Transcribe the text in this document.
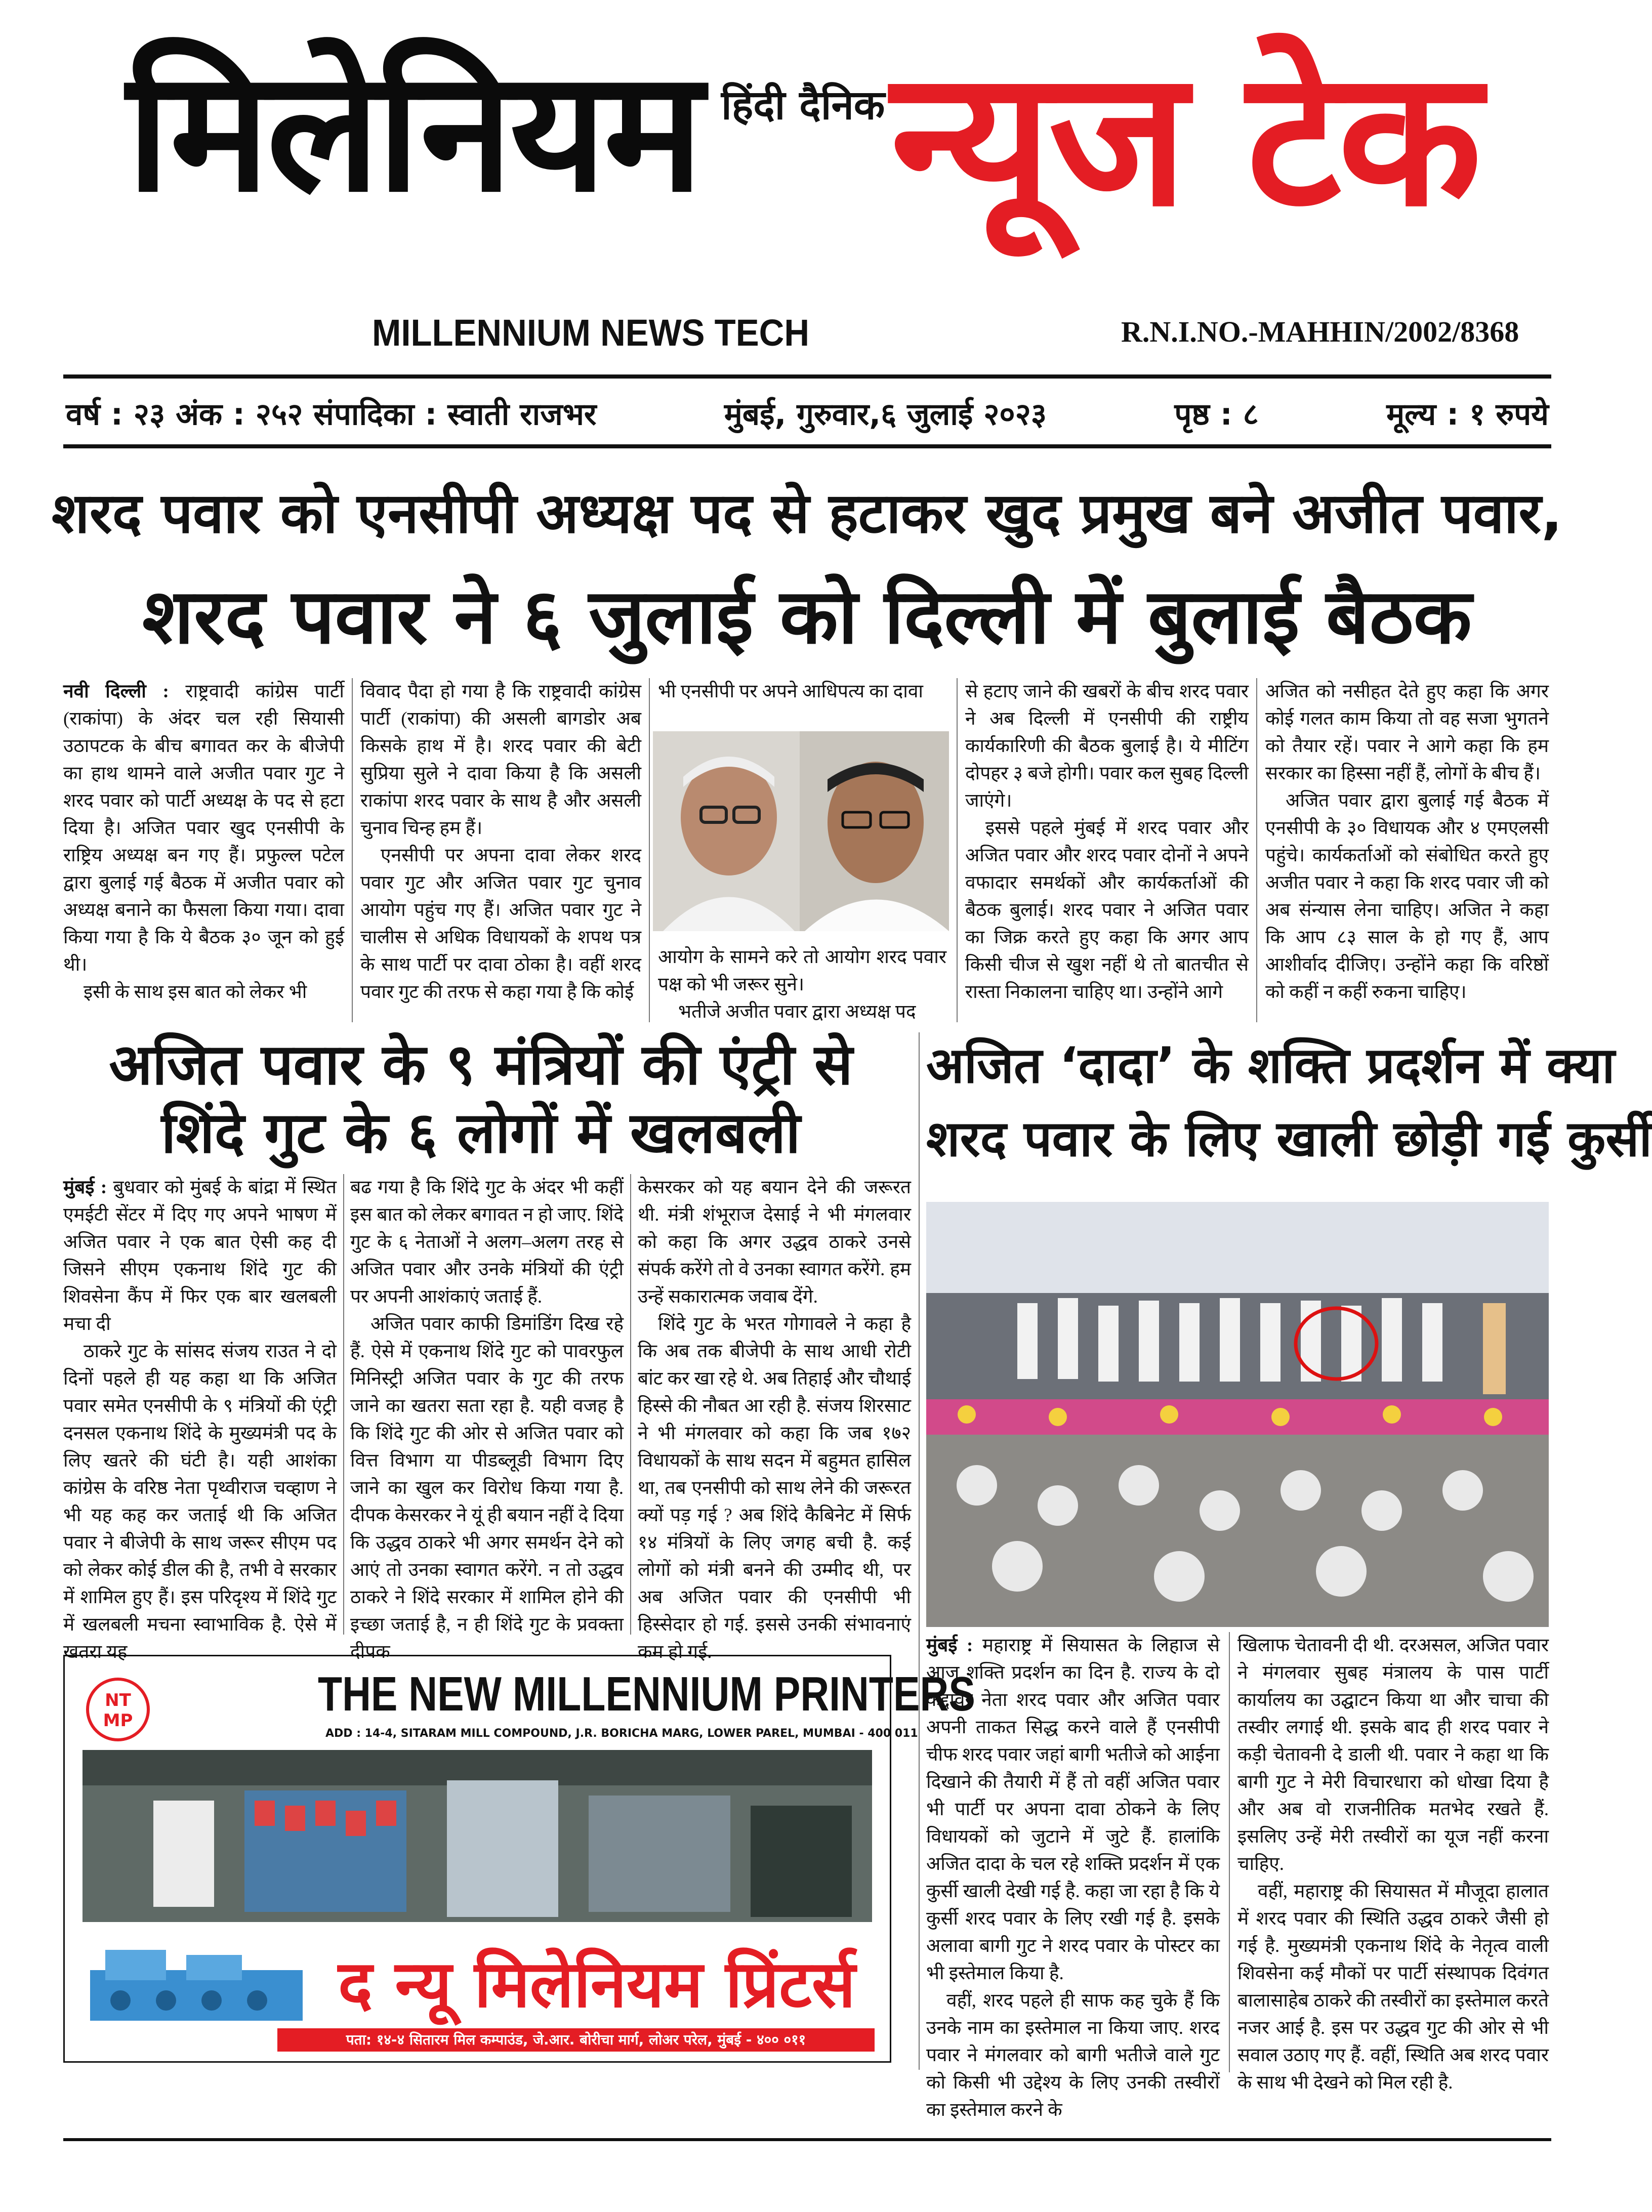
हिंदी दैनिक
मिलेनियम न्यूज टेक
MILLENNIUM NEWS TECH	R.N.I.NO.-MAHHIN/2002/8368
वर्ष : २३ अंक : २५२ संपादिका : स्वाती राजभर	मुंबई, गुरुवार,६ जुलाई २०२३	पृष्ठ : ८	मूल्य : १ रुपये
शरद पवार को एनसीपी अध्यक्ष पद से हटाकर खुद प्रमुख बने अजीत पवार,
शरद पवार ने ६ जुलाई को दिल्ली में बुलाई बैठक

नवी दिल्ली : राष्ट्रवादी कांग्रेस पार्टी (राकांपा) के अंदर चल रही सियासी उठापटक के बीच बगावत कर के बीजेपी का हाथ थामने वाले अजीत पवार गुट ने शरद पवार को पार्टी अध्यक्ष के पद से हटा दिया है। अजित पवार खुद एनसीपी के राष्ट्रिय अध्यक्ष बन गए हैं। प्रफुल्ल पटेल द्वारा बुलाई गई बैठक में अजीत पवार को अध्यक्ष बनाने का फैसला किया गया। दावा किया गया है कि ये बैठक ३० जून को हुई थी।

इसी के साथ इस बात को लेकर भी

विवाद पैदा हो गया है कि राष्ट्रवादी कांग्रेस पार्टी (राकांपा) की असली बागडोर अब किसके हाथ में है। शरद पवार की बेटी सुप्रिया सुले ने दावा किया है कि असली राकांपा शरद पवार के साथ है और असली चुनाव चिन्ह हम हैं।

एनसीपी पर अपना दावा लेकर शरद पवार गुट और अजित पवार गुट चुनाव आयोग पहुंच गए हैं। अजित पवार गुट ने चालीस से अधिक विधायकों के शपथ पत्र के साथ पार्टी पर दावा ठोका है। वहीं शरद पवार गुट की तरफ से कहा गया है कि कोई

भी एनसीपी पर अपने आधिपत्य का दावा

आयोग के सामने करे तो आयोग शरद पवार पक्ष को भी जरूर सुने।

भतीजे अजीत पवार द्वारा अध्यक्ष पद

से हटाए जाने की खबरों के बीच शरद पवार ने अब दिल्ली में एनसीपी की राष्ट्रीय कार्यकारिणी की बैठक बुलाई है। ये मीटिंग दोपहर ३ बजे होगी। पवार कल सुबह दिल्ली जाएंगे।

इससे पहले मुंबई में शरद पवार और अजित पवार और शरद पवार दोनों ने अपने वफादार समर्थकों और कार्यकर्ताओं की बैठक बुलाई। शरद पवार ने अजित पवार का जिक्र करते हुए कहा कि अगर आप किसी चीज से खुश नहीं थे तो बातचीत से रास्ता निकालना चाहिए था। उन्होंने आगे

अजित को नसीहत देते हुए कहा कि अगर कोई गलत काम किया तो वह सजा भुगतने को तैयार रहें। पवार ने आगे कहा कि हम सरकार का हिस्सा नहीं हैं, लोगों के बीच हैं।

अजित पवार द्वारा बुलाई गई बैठक में एनसीपी के ३० विधायक और ४ एमएलसी पहुंचे। कार्यकर्ताओं को संबोधित करते हुए अजीत पवार ने कहा कि शरद पवार जी को अब संन्यास लेना चाहिए। अजित ने कहा कि आप ८३ साल के हो गए हैं, आप आशीर्वाद दीजिए। उन्होंने कहा कि वरिष्ठों को कहीं न कहीं रुकना चाहिए।

अजित पवार के ९ मंत्रियों की एंट्री से
शिंदे गुट के ६ लोगों में खलबली

मुंबई : बुधवार को मुंबई के बांद्रा में स्थित एमईटी सेंटर में दिए गए अपने भाषण में अजित पवार ने एक बात ऐसी कह दी जिसने सीएम एकनाथ शिंदे गुट की शिवसेना कैंप में फिर एक बार खलबली मचा दी

ठाकरे गुट के सांसद संजय राउत ने दो दिनों पहले ही यह कहा था कि अजित पवार समेत एनसीपी के ९ मंत्रियों की एंट्री दनसल एकनाथ शिंदे के मुख्यमंत्री पद के लिए खतरे की घंटी है। यही आशंका कांग्रेस के वरिष्ठ नेता पृथ्वीराज चव्हाण ने भी यह कह कर जताई थी कि अजित पवार ने बीजेपी के साथ जरूर सीएम पद को लेकर कोई डील की है, तभी वे सरकार में शामिल हुए हैं। इस परिदृश्य में शिंदे गुट में खलबली मचना स्वाभाविक है. ऐसे में खतरा यह

बढ गया है कि शिंदे गुट के अंदर भी कहीं इस बात को लेकर बगावत न हो जाए. शिंदे गुट के ६ नेताओं ने अलग–अलग तरह से अजित पवार और उनके मंत्रियों की एंट्री पर अपनी आशंकाएं जताई हैं.

अजित पवार काफी डिमांडिंग दिख रहे हैं. ऐसे में एकनाथ शिंदे गुट को पावरफुल मिनिस्ट्री अजित पवार के गुट की तरफ जाने का खतरा सता रहा है. यही वजह है कि शिंदे गुट की ओर से अजित पवार को वित्त विभाग या पीडब्लूडी विभाग दिए जाने का खुल कर विरोध किया गया है. दीपक केसरकर ने यूं ही बयान नहीं दे दिया कि उद्धव ठाकरे भी अगर समर्थन देने को आएं तो उनका स्वागत करेंगे. न तो उद्धव ठाकरे ने शिंदे सरकार में शामिल होने की इच्छा जताई है, न ही शिंदे गुट के प्रवक्ता दीपक

केसरकर को यह बयान देने की जरूरत थी. मंत्री शंभूराज देसाई ने भी मंगलवार को कहा कि अगर उद्धव ठाकरे उनसे संपर्क करेंगे तो वे उनका स्वागत करेंगे. हम उन्हें सकारात्मक जवाब देंगे.

शिंदे गुट के भरत गोगावले ने कहा है कि अब तक बीजेपी के साथ आधी रोटी बांट कर खा रहे थे. अब तिहाई और चौथाई हिस्से की नौबत आ रही है. संजय शिरसाट ने भी मंगलवार को कहा कि जब १७२ विधायकों के साथ सदन में बहुमत हासिल था, तब एनसीपी को साथ लेने की जरूरत क्यों पड़ गई ? अब शिंदे कैबिनेट में सिर्फ १४ मंत्रियों के लिए जगह बची है. कई लोगों को मंत्री बनने की उम्मीद थी, पर अब अजित पवार की एनसीपी भी हिस्सेदार हो गई. इससे उनकी संभावनाएं कम हो गई.

अजित ‘दादा’ के शक्ति प्रदर्शन में क्या
शरद पवार के लिए खाली छोड़ी गई कुर्सी

मुंबई : महाराष्ट्र में सियासत के लिहाज से आज शक्ति प्रदर्शन का दिन है. राज्य के दो कद्दावर नेता शरद पवार और अजित पवार अपनी ताकत सिद्ध करने वाले हैं एनसीपी चीफ शरद पवार जहां बागी भतीजे को आईना दिखाने की तैयारी में हैं तो वहीं अजित पवार भी पार्टी पर अपना दावा ठोकने के लिए विधायकों को जुटाने में जुटे हैं. हालांकि अजित दादा के चल रहे शक्ति प्रदर्शन में एक कुर्सी खाली देखी गई है. कहा जा रहा है कि ये कुर्सी शरद पवार के लिए रखी गई है. इसके अलावा बागी गुट ने शरद पवार के पोस्टर का भी इस्तेमाल किया है.

वहीं, शरद पहले ही साफ कह चुके हैं कि उनके नाम का इस्तेमाल ना किया जाए. शरद पवार ने मंगलवार को बागी भतीजे वाले गुट को किसी भी उद्देश्य के लिए उनकी तस्वीरों का इस्तेमाल करने के

खिलाफ चेतावनी दी थी. दरअसल, अजित पवार ने मंगलवार सुबह मंत्रालय के पास पार्टी कार्यालय का उद्घाटन किया था और चाचा की तस्वीर लगाई थी. इसके बाद ही शरद पवार ने कड़ी चेतावनी दे डाली थी. पवार ने कहा था कि बागी गुट ने मेरी विचारधारा को धोखा दिया है और अब वो राजनीतिक मतभेद रखते हैं. इसलिए उन्हें मेरी तस्वीरों का यूज नहीं करना चाहिए.

वहीं, महाराष्ट्र की सियासत में मौजूदा हालात में शरद पवार की स्थिति उद्धव ठाकरे जैसी हो गई है. मुख्यमंत्री एकनाथ शिंदे के नेतृत्व वाली शिवसेना कई मौकों पर पार्टी संस्थापक दिवंगत बालासाहेब ठाकरे की तस्वीरों का इस्तेमाल करते नजर आई है. इस पर उद्धव गुट की ओर से भी सवाल उठाए गए हैं. वहीं, स्थिति अब शरद पवार के साथ भी देखने को मिल रही है.

NT
MP	THE NEW MILLENNIUM PRINTERS
ADD : 14-4, SITARAM MILL COMPOUND, J.R. BORICHA MARG, LOWER PAREL, MUMBAI - 400 011
द न्यू मिलेनियम प्रिंटर्स
पता: १४-४ सितारम मिल कम्पाउंड, जे.आर. बोरीचा मार्ग, लोअर परेल, मुंबई - ४०० ०११
